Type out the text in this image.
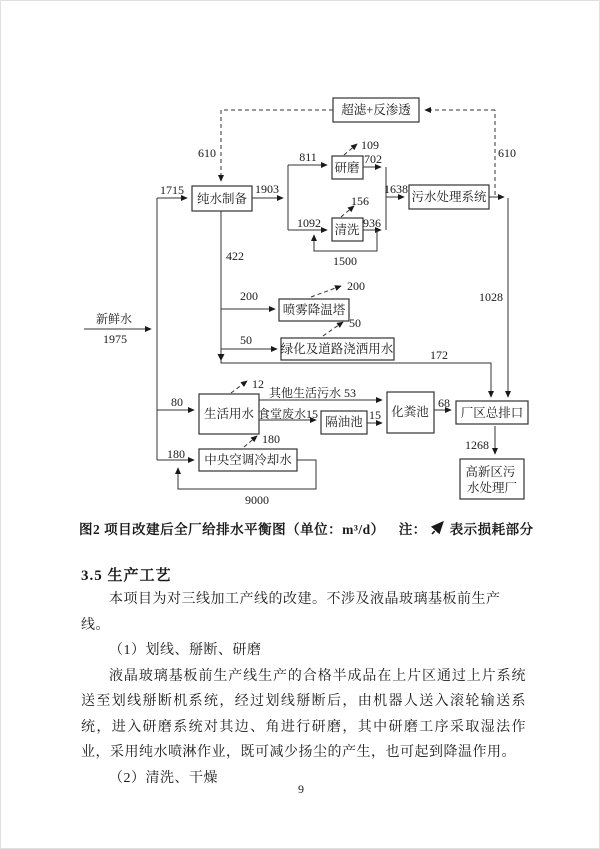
超滤+反渗透
纯水制备
研磨
清洗
污水处理系统
喷雾降温塔
绿化及道路浇洒用水
生活用水
隔油池
化粪池	厂区总排口
中央空调冷却水
高新区污 水处理厂
新鲜水
1975
1715
610	610
1903
811
109
702
1638
1092
156
936
1500
422
200
200
50
50
172
1028
80
12
其他生活污水 53
食堂废水15	15
68
1268
180
180
9000
图2 项目改建后全厂给排水平衡图（单位：m³/d） 注： 表示损耗部分
3.5 生产工艺

本项目为对三线加工产线的改建。不涉及液晶玻璃基板前生产线。

（1）划线、掰断、研磨

液晶玻璃基板前生产线生产的合格半成品在上片区通过上片系统送至划线掰断机系统，经过划线掰断后，由机器人送入滚轮输送系统，进入研磨系统对其边、角进行研磨，其中研磨工序采取湿法作业，采用纯水喷淋作业，既可减少扬尘的产生，也可起到降温作用。

（2）清洗、干燥

9
